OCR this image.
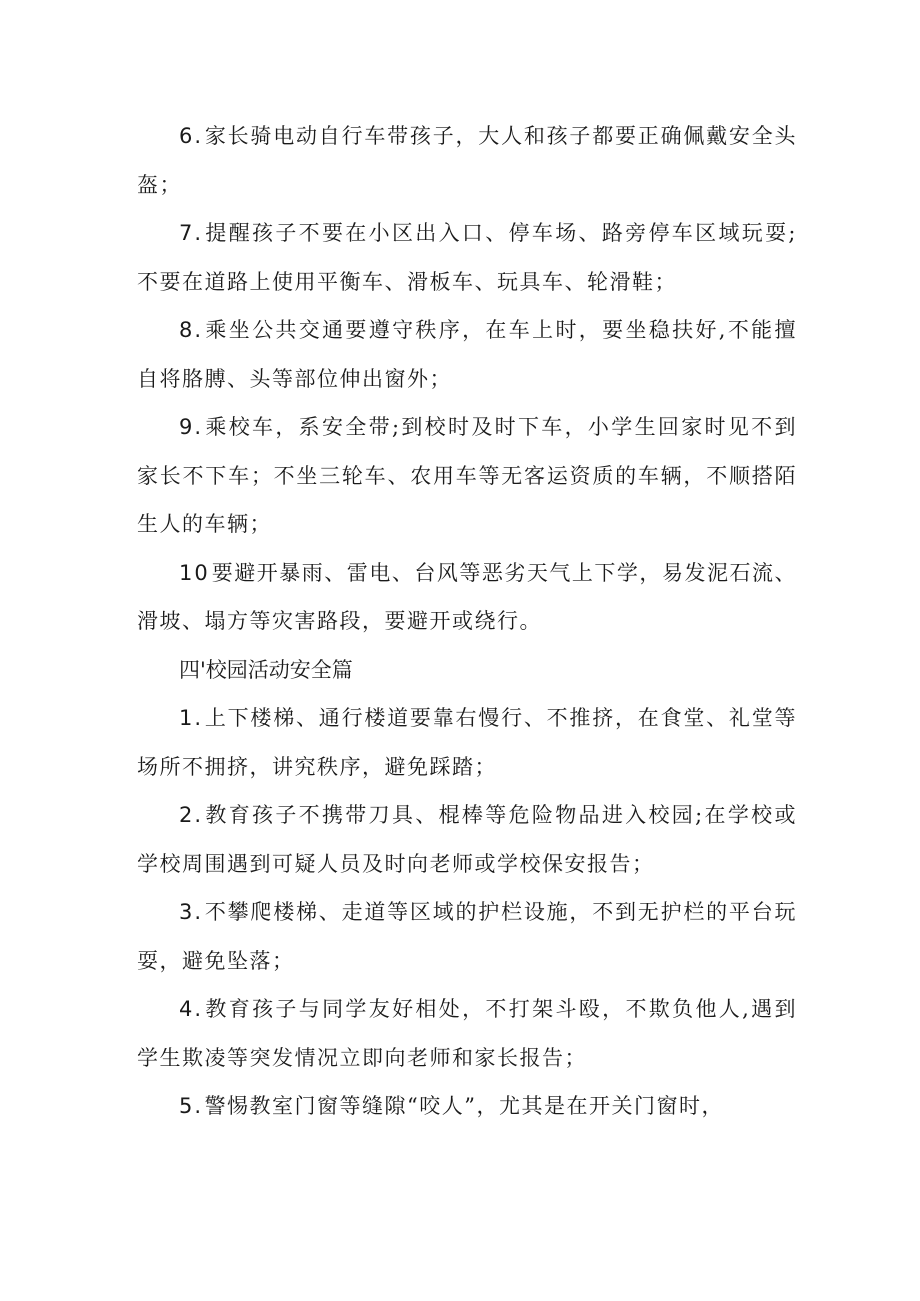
6.家长骑电动自行车带孩子，大人和孩子都要正确佩戴安全头盔；

7.提醒孩子不要在小区出入口、停车场、路旁停车区域玩耍;不要在道路上使用平衡车、滑板车、玩具车、轮滑鞋；

8.乘坐公共交通要遵守秩序，在车上时，要坐稳扶好,不能擅自将胳膊、头等部位伸出窗外；

9.乘校车，系安全带;到校时及时下车，小学生回家时见不到家长不下车；不坐三轮车、农用车等无客运资质的车辆，不顺搭陌生人的车辆；

10要避开暴雨、雷电、台风等恶劣天气上下学，易发泥石流、滑坡、塌方等灾害路段，要避开或绕行。

四'校园活动安全篇

1.上下楼梯、通行楼道要靠右慢行、不推挤，在食堂、礼堂等场所不拥挤，讲究秩序，避免踩踏；

2.教育孩子不携带刀具、棍棒等危险物品进入校园;在学校或学校周围遇到可疑人员及时向老师或学校保安报告；

3.不攀爬楼梯、走道等区域的护栏设施，不到无护栏的平台玩耍，避免坠落；

4.教育孩子与同学友好相处，不打架斗殴，不欺负他人,遇到学生欺凌等突发情况立即向老师和家长报告；

5.警惕教室门窗等缝隙“咬人”，尤其是在开关门窗时，
